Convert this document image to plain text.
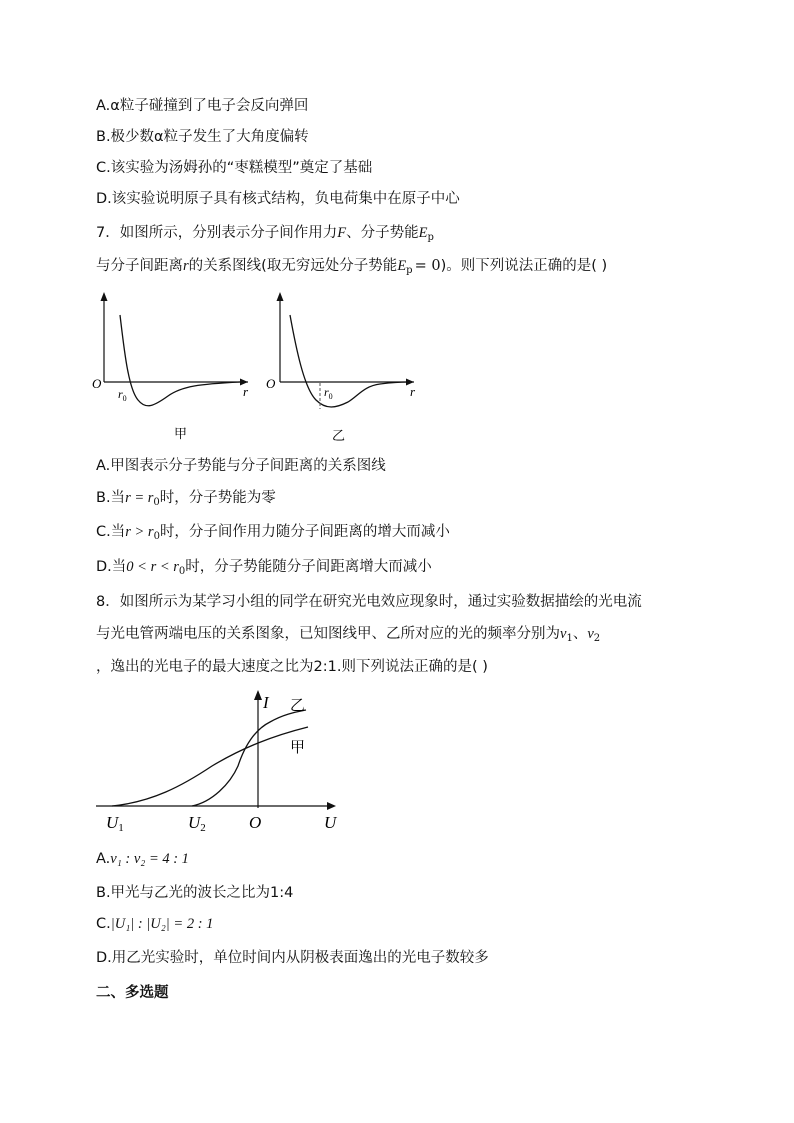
A.α粒子碰撞到了电子会反向弹回
B.极少数α粒子发生了大角度偏转
C.该实验为汤姆孙的“枣糕模型”奠定了基础
D.该实验说明原子具有核式结构，负电荷集中在原子中心
7．如图所示，分别表示分子间作用力F、分子势能$E_p$
与分子间距离r的关系图线(取无穷远处分子势能$E_p = 0$)。则下列说法正确的是( )
O
$r_0$	r
甲
O
$r_0$	r
乙
A.甲图表示分子势能与分子间距离的关系图线
B.当$r = r_0$时，分子势能为零
C.当$r > r_0$时，分子间作用力随分子间距离的增大而减小
D.当$0 < r < r_0$时，分子势能随分子间距离增大而减小
8．如图所示为某学习小组的同学在研究光电效应现象时，通过实验数据描绘的光电流
与光电管两端电压的关系图象，已知图线甲、乙所对应的光的频率分别为$\nu_1$、$\nu_2$
，逸出的光电子的最大速度之比为2:1.则下列说法正确的是( )
I 乙
甲
U1	U2	O	U
A.ν₁ : ν₂ = 4 : 1
B.甲光与乙光的波长之比为1:4
C.|U₁| : |U₂| = 2 : 1
D.用乙光实验时，单位时间内从阴极表面逸出的光电子数较多
二、多选题
